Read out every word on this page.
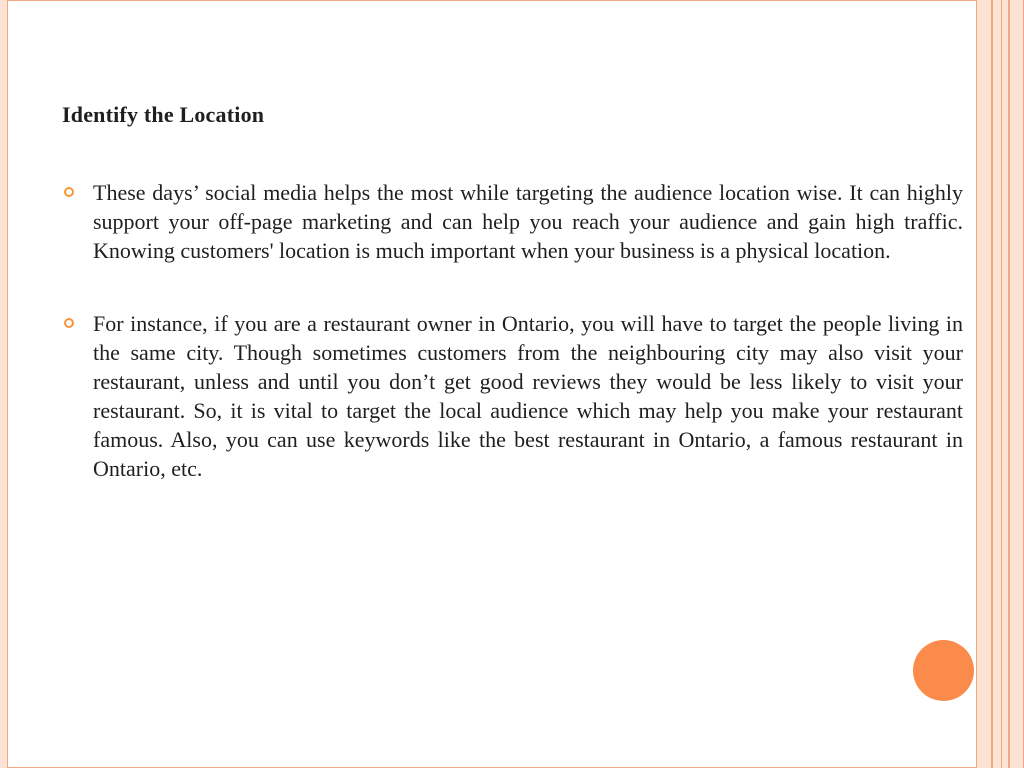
Identify the Location
These days’ social media helps the most while targeting the audience location wise. It can highly support your off-page marketing and can help you reach your audience and gain high traffic. Knowing customers' location is much important when your business is a physical location.
For instance, if you are a restaurant owner in Ontario, you will have to target the people living in the same city. Though sometimes customers from the neighbouring city may also visit your restaurant, unless and until you don’t get good reviews they would be less likely to visit your restaurant. So, it is vital to target the local audience which may help you make your restaurant famous. Also, you can use keywords like the best restaurant in Ontario, a famous restaurant in Ontario, etc.
